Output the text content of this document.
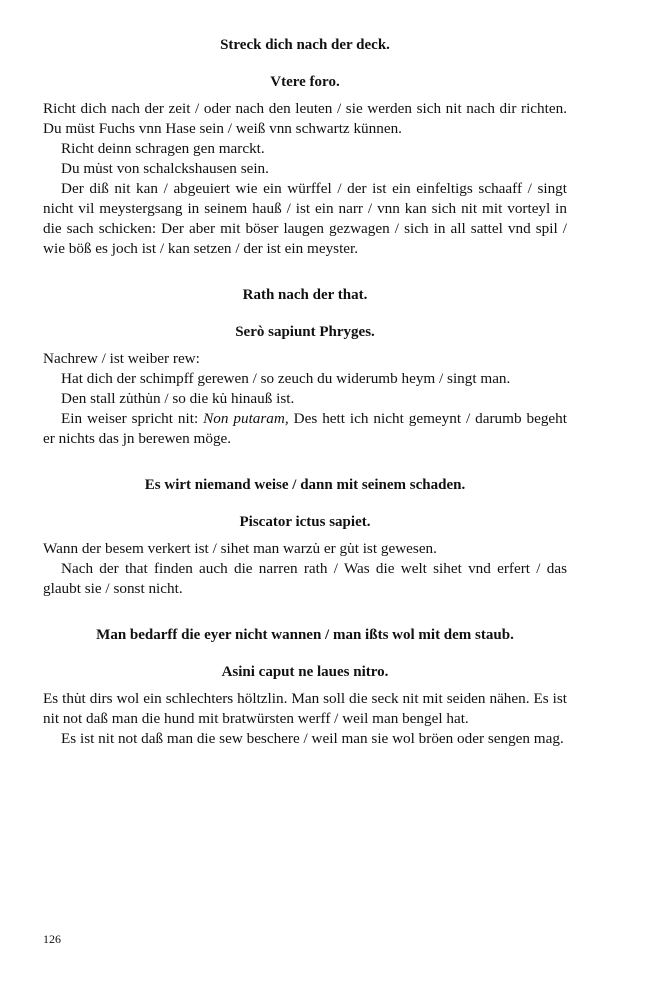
Streck dich nach der deck.

Vtere foro.

Richt dich nach der zeit / oder nach den leuten / sie werden sich nit nach dir richten. Du müst Fuchs vnn Hase sein / weiß vnn schwartz künnen.

Richt deinn schragen gen marckt.

Du mu̇st von schalckshausen sein.

Der diß nit kan / abgeuiert wie ein würffel / der ist ein einfeltigs schaaff / singt nicht vil meystergsang in seinem hauß / ist ein narr / vnn kan sich nit mit vorteyl in die sach schicken: Der aber mit böser laugen gezwagen / sich in all sattel vnd spil / wie böß es joch ist / kan setzen / der ist ein meyster.

Rath nach der that.

Serò sapiunt Phryges.

Nachrew / ist weiber rew:

Hat dich der schimpff gerewen / so zeuch du widerumb heym / singt man.

Den stall zu̇thu̇n / so die ku̇ hinauß ist.

Ein weiser spricht nit: Non putaram, Des hett ich nicht gemeynt / darumb begeht er nichts das jn berewen möge.

Es wirt niemand weise / dann mit seinem schaden.

Piscator ictus sapiet.

Wann der besem verkert ist / sihet man warzu̇ er gu̇t ist gewesen.

Nach der that finden auch die narren rath / Was die welt sihet vnd erfert / das glaubt sie / sonst nicht.

Man bedarff die eyer nicht wannen / man ißts wol mit dem staub.

Asini caput ne laues nitro.

Es thu̇t dirs wol ein schlechters höltzlin. Man soll die seck nit mit seiden nähen. Es ist nit not daß man die hund mit bratwürsten werff / weil man bengel hat.

Es ist nit not daß man die sew beschere / weil man sie wol bröen oder sengen mag.

126
